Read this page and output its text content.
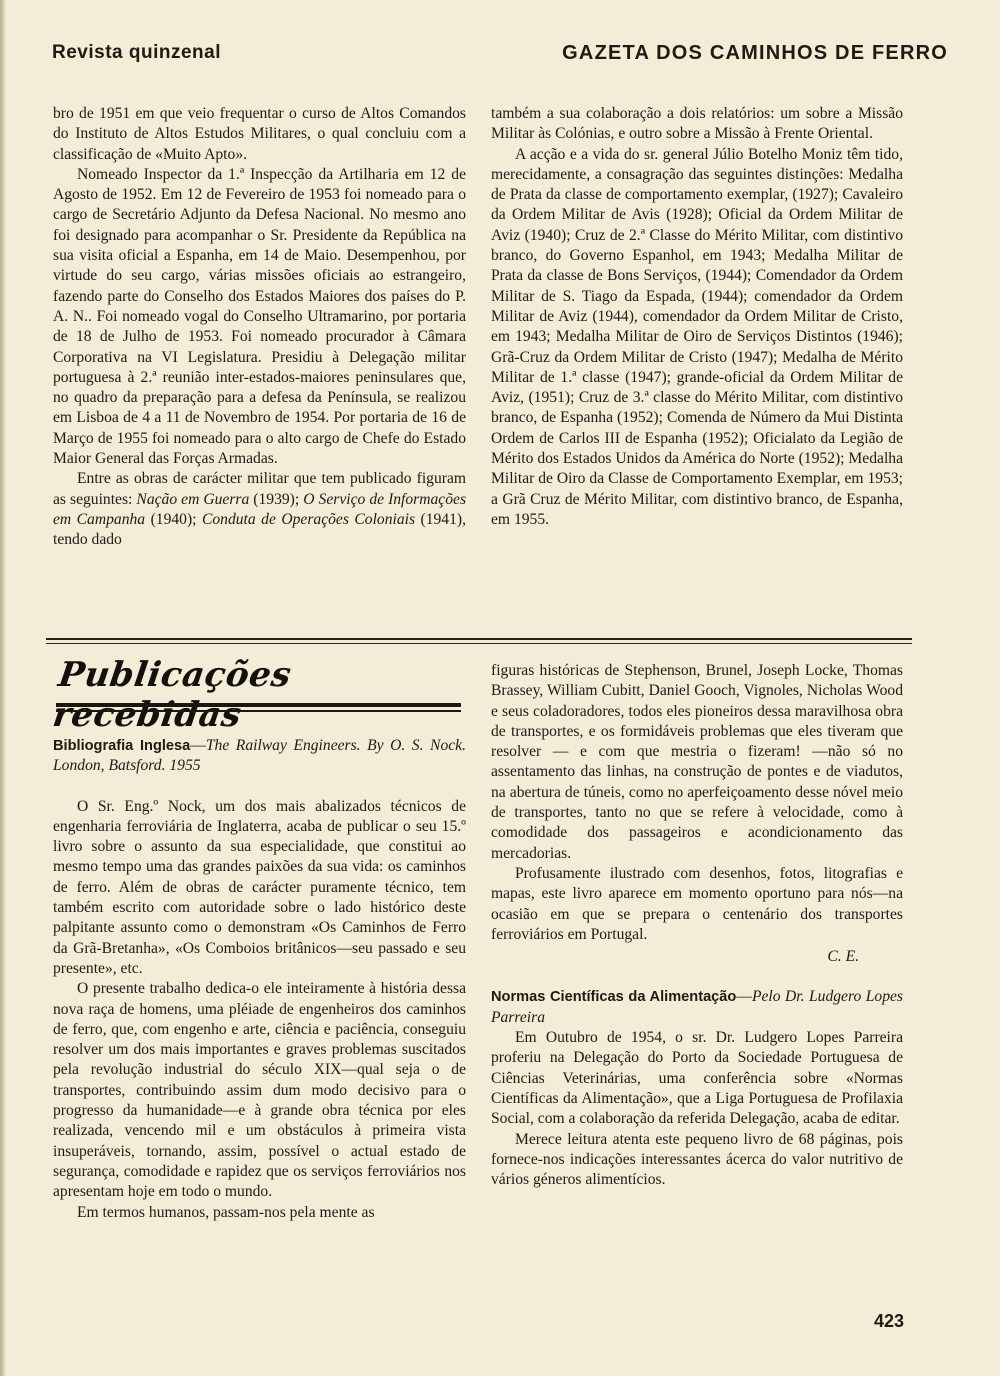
Revista quinzenal	GAZETA DOS CAMINHOS DE FERRO

bro de 1951 em que veio frequentar o curso de Altos Comandos do Instituto de Altos Estudos Militares, o qual concluiu com a classificação de «Muito Apto».

Nomeado Inspector da 1.ª Inspecção da Artilharia em 12 de Agosto de 1952. Em 12 de Fevereiro de 1953 foi nomeado para o cargo de Secretário Adjunto da Defesa Nacional. No mesmo ano foi designado para acompanhar o Sr. Presidente da República na sua visita oficial a Espanha, em 14 de Maio. Desempenhou, por virtude do seu cargo, várias missões oficiais ao estrangeiro, fazendo parte do Conselho dos Estados Maiores dos países do P. A. N.. Foi nomeado vogal do Conselho Ultramarino, por portaria de 18 de Julho de 1953. Foi nomeado procurador à Câmara Corporativa na VI Legislatura. Presidiu à Delegação militar portuguesa à 2.ª reunião inter-estados-maiores peninsulares que, no quadro da preparação para a defesa da Península, se realizou em Lisboa de 4 a 11 de Novembro de 1954. Por portaria de 16 de Março de 1955 foi nomeado para o alto cargo de Chefe do Estado Maior General das Forças Armadas.

Entre as obras de carácter militar que tem publicado figuram as seguintes: Nação em Guerra (1939); O Serviço de Informações em Campanha (1940); Conduta de Operações Coloniais (1941), tendo dado

também a sua colaboração a dois relatórios: um sobre a Missão Militar às Colónias, e outro sobre a Missão à Frente Oriental.

A acção e a vida do sr. general Júlio Botelho Moniz têm tido, merecidamente, a consagração das seguintes distinções: Medalha de Prata da classe de comportamento exemplar, (1927); Cavaleiro da Ordem Militar de Avis (1928); Oficial da Ordem Militar de Aviz (1940); Cruz de 2.ª Classe do Mérito Militar, com distintivo branco, do Governo Espanhol, em 1943; Medalha Militar de Prata da classe de Bons Serviços, (1944); Comendador da Ordem Militar de S. Tiago da Espada, (1944); comendador da Ordem Militar de Aviz (1944), comendador da Ordem Militar de Cristo, em 1943; Medalha Militar de Oiro de Serviços Distintos (1946); Grã-Cruz da Ordem Militar de Cristo (1947); Medalha de Mérito Militar de 1.ª classe (1947); grande-oficial da Ordem Militar de Aviz, (1951); Cruz de 3.ª classe do Mérito Militar, com distintivo branco, de Espanha (1952); Comenda de Número da Mui Distinta Ordem de Carlos III de Espanha (1952); Oficialato da Legião de Mérito dos Estados Unidos da América do Norte (1952); Medalha Militar de Oiro da Classe de Comportamento Exemplar, em 1953; a Grã Cruz de Mérito Militar, com distintivo branco, de Espanha, em 1955.

Publicações recebidas

Bibliografia Inglesa—The Railway Engineers. By O. S. Nock. London, Batsford. 1955

O Sr. Eng.º Nock, um dos mais abalizados técnicos de engenharia ferroviária de Inglaterra, acaba de publicar o seu 15.º livro sobre o assunto da sua especialidade, que constitui ao mesmo tempo uma das grandes paixões da sua vida: os caminhos de ferro. Além de obras de carácter puramente técnico, tem também escrito com autoridade sobre o lado histórico deste palpitante assunto como o demonstram «Os Caminhos de Ferro da Grã-Bretanha», «Os Comboios britânicos—seu passado e seu presente», etc.

O presente trabalho dedica-o ele inteiramente à história dessa nova raça de homens, uma pléiade de engenheiros dos caminhos de ferro, que, com engenho e arte, ciência e paciência, conseguiu resolver um dos mais importantes e graves problemas suscitados pela revolução industrial do século XIX—qual seja o de transportes, contribuindo assim dum modo decisivo para o progresso da humanidade—e à grande obra técnica por eles realizada, vencendo mil e um obstáculos à primeira vista insuperáveis, tornando, assim, possível o actual estado de segurança, comodidade e rapidez que os serviços ferroviários nos apresentam hoje em todo o mundo.

Em termos humanos, passam-nos pela mente as

figuras históricas de Stephenson, Brunel, Joseph Locke, Thomas Brassey, William Cubitt, Daniel Gooch, Vignoles, Nicholas Wood e seus coladoradores, todos eles pioneiros dessa maravilhosa obra de transportes, e os formidáveis problemas que eles tiveram que resolver — e com que mestria o fizeram! —não só no assentamento das linhas, na construção de pontes e de viadutos, na abertura de túneis, como no aperfeiçoamento desse nóvel meio de transportes, tanto no que se refere à velocidade, como à comodidade dos passageiros e acondicionamento das mercadorias.

Profusamente ilustrado com desenhos, fotos, litografias e mapas, este livro aparece em momento oportuno para nós—na ocasião em que se prepara o centenário dos transportes ferroviários em Portugal.

C. E.

Normas Científicas da Alimentação—Pelo Dr. Ludgero Lopes Parreira

Em Outubro de 1954, o sr. Dr. Ludgero Lopes Parreira proferiu na Delegação do Porto da Sociedade Portuguesa de Ciências Veterinárias, uma conferência sobre «Normas Científicas da Alimentação», que a Liga Portuguesa de Profilaxia Social, com a colaboração da referida Delegação, acaba de editar.

Merece leitura atenta este pequeno livro de 68 páginas, pois fornece-nos indicações interessantes ácerca do valor nutritivo de vários géneros alimentícios.

423
